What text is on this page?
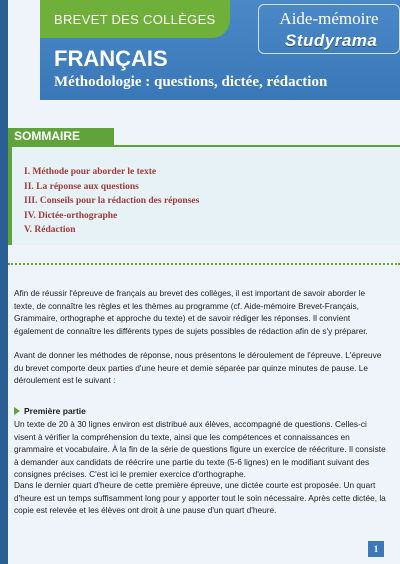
BREVET DES COLLÈGES	Aide-mémoire
Studyrama
FRANÇAIS
Méthodologie : questions, dictée, rédaction
SOMMAIRE
I. Méthode pour aborder le texte
II. La réponse aux questions
III. Conseils pour la rédaction des réponses
IV. Dictée-orthographe
V. Rédaction

Afin de réussir l'épreuve de français au brevet des collèges, il est important de savoir aborder le texte, de connaître les règles et les thèmes au programme (cf. Aide-mémoire Brevet-Français, Grammaire, orthographe et approche du texte) et de savoir rédiger les réponses. Il convient également de connaître les différents types de sujets possibles de rédaction afin de s'y préparer.

Avant de donner les méthodes de réponse, nous présentons le déroulement de l'épreuve. L'épreuve du brevet comporte deux parties d'une heure et demie séparée par quinze minutes de pause. Le déroulement est le suivant :

Première partie

Un texte de 20 à 30 lignes environ est distribué aux élèves, accompagné de questions. Celles-ci visent à vérifier la compréhension du texte, ainsi que les compétences et connaissances en grammaire et vocabulaire. À la fin de la série de questions figure un exercice de réécriture. Il consiste à demander aux candidats de réécrire une partie du texte (5-6 lignes) en le modifiant suivant des consignes précises. C'est ici le premier exercice d'orthographe.

Dans le dernier quart d'heure de cette première épreuve, une dictée courte est proposée. Un quart d'heure est un temps suffisamment long pour y apporter tout le soin nécessaire. Après cette dictée, la copie est relevée et les élèves ont droit à une pause d'un quart d'heure.

1
